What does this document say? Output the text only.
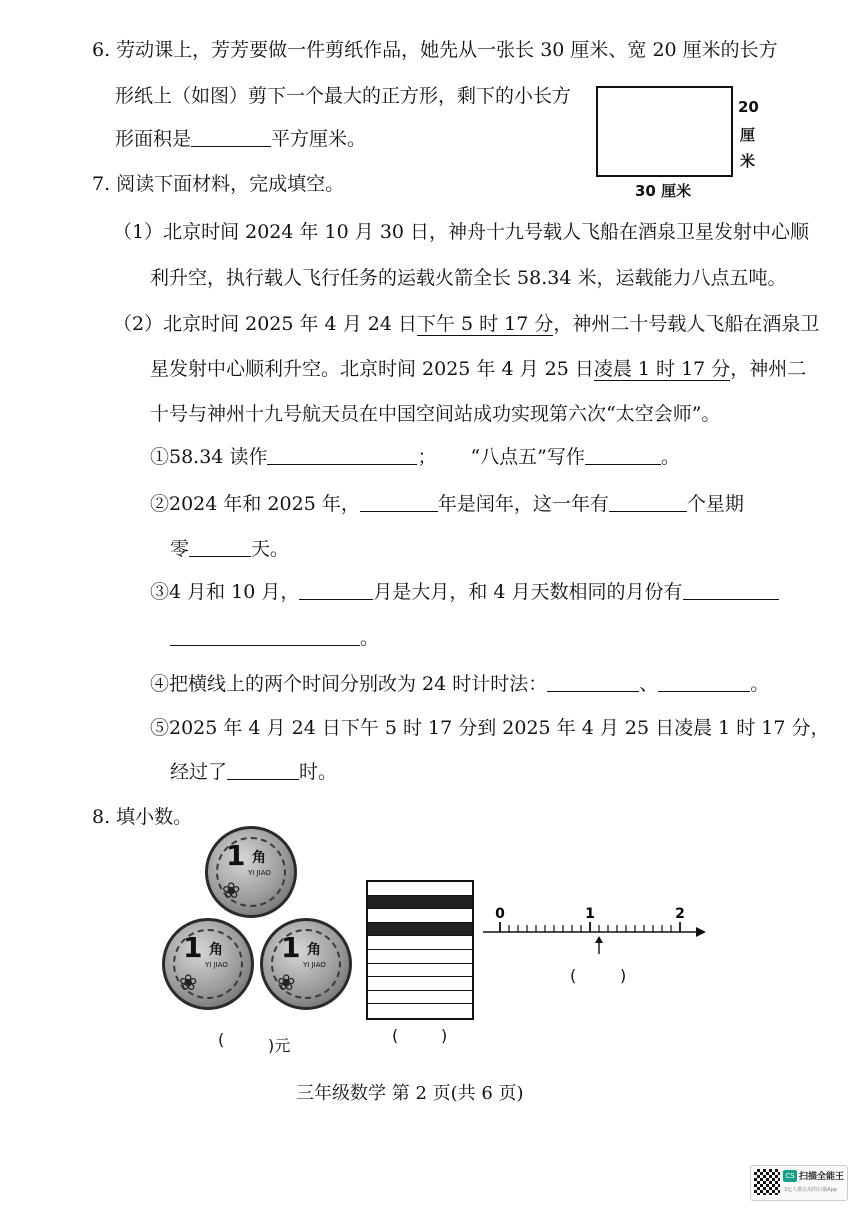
6. 劳动课上，芳芳要做一件剪纸作品，她先从一张长 30 厘米、宽 20 厘米的长方
形纸上（如图）剪下一个最大的正方形，剩下的小长方
形面积是	平方厘米。
30 厘米
20
厘
米
7. 阅读下面材料，完成填空。
（1）北京时间 2024 年 10 月 30 日，神舟十九号载人飞船在酒泉卫星发射中心顺
利升空，执行载人飞行任务的运载火箭全长 58.34 米，运载能力八点五吨。
（2）北京时间 2025 年 4 月 24 日下午 5 时 17 分，神州二十号载人飞船在酒泉卫
星发射中心顺利升空。北京时间 2025 年 4 月 25 日凌晨 1 时 17 分，神州二
十号与神州十九号航天员在中国空间站成功实现第六次“太空会师”。
①58.34 读作	； “八点五”写作	。
②2024 年和 2025 年，	年是闰年，这一年有	个星期
零	天。
③4 月和 10 月，	月是大月，和 4 月天数相同的月份有
。
④把横线上的两个时间分别改为 24 时计时法：	、	。
⑤2025 年 4 月 24 日下午 5 时 17 分到 2025 年 4 月 25 日凌晨 1 时 17 分，
经过了	时。
8. 填小数。
1 角
YI JIAO
❀
1 角
YI JIAO
❀
1 角
YI JIAO
❀
(	)元
(	)
0	1	2
(	)
三年级数学 第 2 页(共 6 页)
CS 扫描全能王
3亿人都在用的扫描App
